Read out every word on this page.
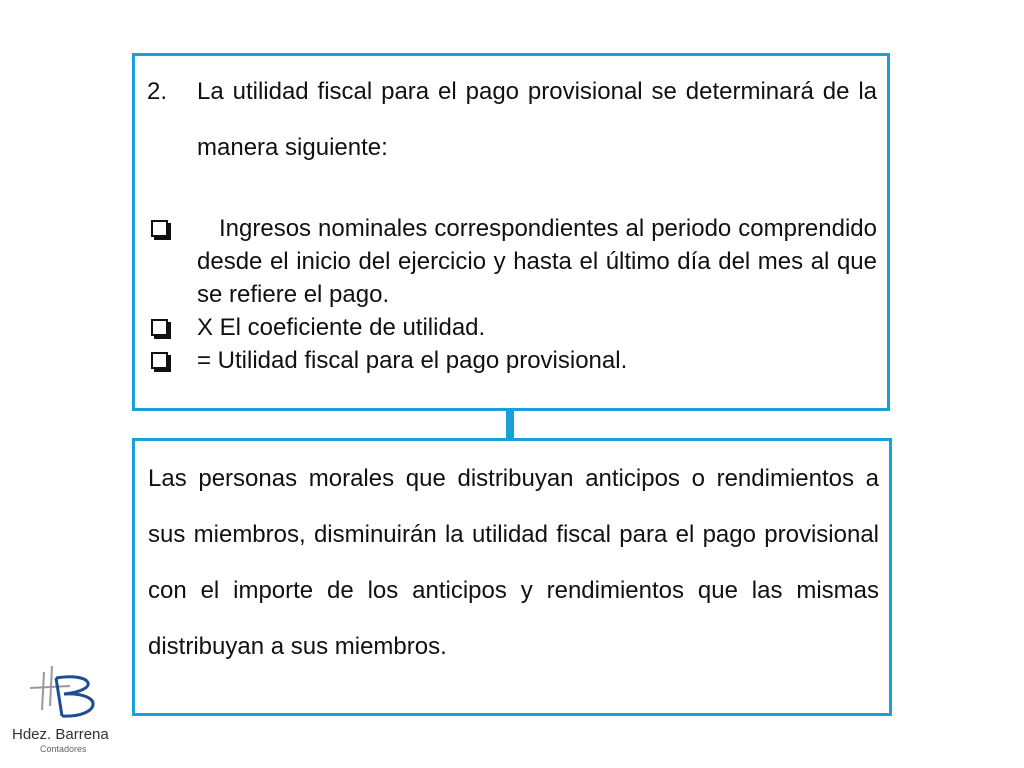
2.	La utilidad fiscal para el pago provisional se determinará de la manera siguiente:
Ingresos nominales correspondientes al periodo comprendido desde el inicio del ejercicio y hasta el último día del mes al que se refiere el pago.
X El coeficiente de utilidad.
= Utilidad fiscal para el pago provisional.
Las personas morales que distribuyan anticipos o rendimientos a sus miembros, disminuirán la utilidad fiscal para el pago provisional con el importe de los anticipos y rendimientos que las mismas distribuyan a sus miembros.
Hdez. Barrena
Contadores
